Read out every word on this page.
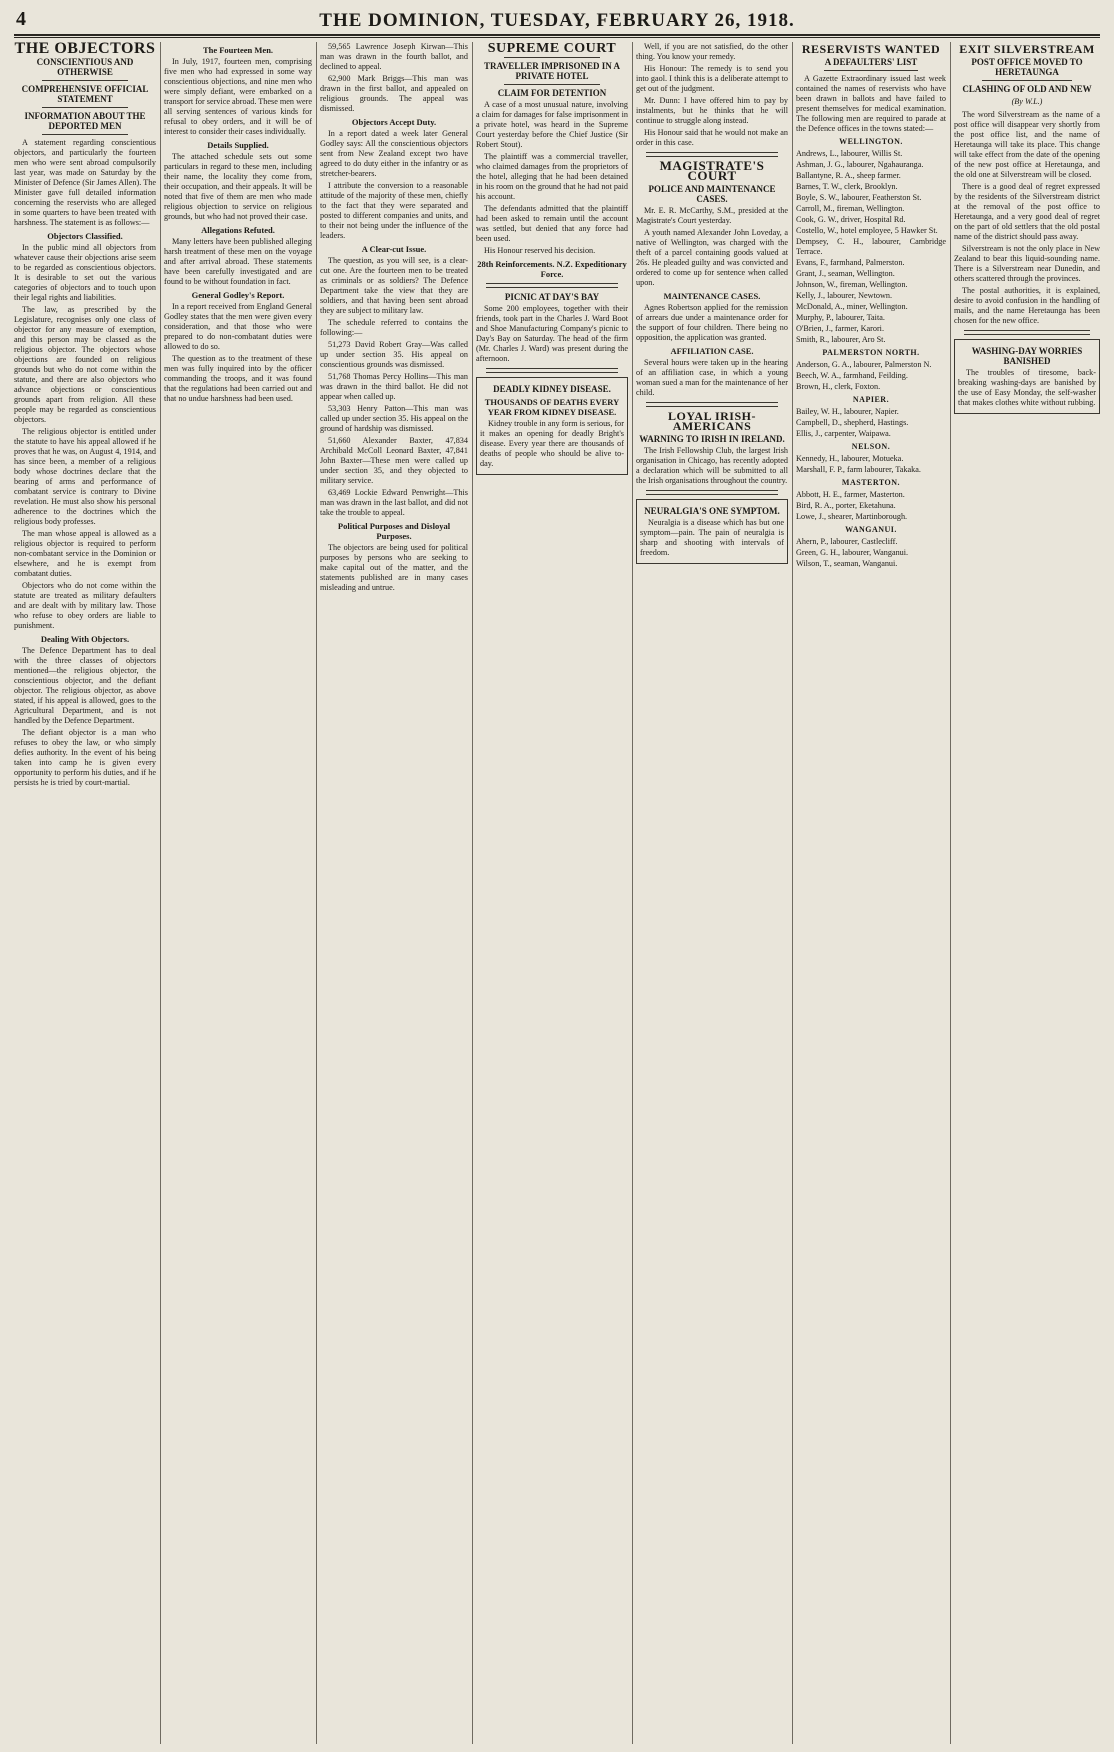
4	THE DOMINION, TUESDAY, FEBRUARY 26, 1918.
THE OBJECTORS
CONSCIENTIOUS AND OTHERWISE
COMPREHENSIVE OFFICIAL STATEMENT
INFORMATION ABOUT THE DEPORTED MEN

A statement regarding conscientious objectors, and particularly the fourteen men who were sent abroad compulsorily last year, was made on Saturday by the Minister of Defence (Sir James Allen). The Minister gave full detailed information concerning the reservists who are alleged in some quarters to have been treated with harshness. The statement is as follows:—

Objectors Classified.

In the public mind all objectors from whatever cause their objections arise seem to be regarded as conscientious objectors. It is desirable to set out the various categories of objectors and to touch upon their legal rights and liabilities.

The law, as prescribed by the Legislature, recognises only one class of objector for any measure of exemption, and this person may be classed as the religious objector. The objectors whose objections are founded on religious grounds but who do not come within the statute, and there are also objectors who advance objections or conscientious grounds apart from religion. All these people may be regarded as conscientious objectors.

The religious objector is entitled under the statute to have his appeal allowed if he proves that he was, on August 4, 1914, and has since been, a member of a religious body whose doctrines declare that the bearing of arms and performance of combatant service is contrary to Divine revelation. He must also show his personal adherence to the doctrines which the religious body professes.

The man whose appeal is allowed as a religious objector is required to perform non-combatant service in the Dominion or elsewhere, and he is exempt from combatant duties.

Objectors who do not come within the statute are treated as military defaulters and are dealt with by military law. Those who refuse to obey orders are liable to punishment.

Dealing With Objectors.

The Defence Department has to deal with the three classes of objectors mentioned—the religious objector, the conscientious objector, and the defiant objector. The religious objector, as above stated, if his appeal is allowed, goes to the Agricultural Department, and is not handled by the Defence Department.

The defiant objector is a man who refuses to obey the law, or who simply defies authority. In the event of his being taken into camp he is given every opportunity to perform his duties, and if he persists he is tried by court-martial.

The Fourteen Men.

In July, 1917, fourteen men, comprising five men who had expressed in some way conscientious objections, and nine men who were simply defiant, were embarked on a transport for service abroad. These men were all serving sentences of various kinds for refusal to obey orders, and it will be of interest to consider their cases individually.

Details Supplied.

The attached schedule sets out some particulars in regard to these men, including their name, the locality they come from, their occupation, and their appeals. It will be noted that five of them are men who made religious objection to service on religious grounds, but who had not proved their case.

Allegations Refuted.

Many letters have been published alleging harsh treatment of these men on the voyage and after arrival abroad. These statements have been carefully investigated and are found to be without foundation in fact.

General Godley's Report.

In a report received from England General Godley states that the men were given every consideration, and that those who were prepared to do non-combatant duties were allowed to do so.

The question as to the treatment of these men was fully inquired into by the officer commanding the troops, and it was found that the regulations had been carried out and that no undue harshness had been used.

59,565 Lawrence Joseph Kirwan—This man was drawn in the fourth ballot, and declined to appeal.

62,900 Mark Briggs—This man was drawn in the first ballot, and appealed on religious grounds. The appeal was dismissed.

Objectors Accept Duty.

In a report dated a week later General Godley says: All the conscientious objectors sent from New Zealand except two have agreed to do duty either in the infantry or as stretcher-bearers.

I attribute the conversion to a reasonable attitude of the majority of these men, chiefly to the fact that they were separated and posted to different companies and units, and to their not being under the influence of the leaders.

A Clear-cut Issue.

The question, as you will see, is a clear-cut one. Are the fourteen men to be treated as criminals or as soldiers? The Defence Department take the view that they are soldiers, and that having been sent abroad they are subject to military law.

The schedule referred to contains the following:—

51,273 David Robert Gray—Was called up under section 35. His appeal on conscientious grounds was dismissed.

51,768 Thomas Percy Hollins—This man was drawn in the third ballot. He did not appear when called up.

53,303 Henry Patton—This man was called up under section 35. His appeal on the ground of hardship was dismissed.

51,660 Alexander Baxter, 47,834 Archibald McColl Leonard Baxter, 47,841 John Baxter—These men were called up under section 35, and they objected to military service.

63,469 Lockie Edward Penwright—This man was drawn in the last ballot, and did not take the trouble to appeal.

Political Purposes and Disloyal Purposes.

The objectors are being used for political purposes by persons who are seeking to make capital out of the matter, and the statements published are in many cases misleading and untrue.

SUPREME COURT
TRAVELLER IMPRISONED IN A PRIVATE HOTEL
CLAIM FOR DETENTION

A case of a most unusual nature, involving a claim for damages for false imprisonment in a private hotel, was heard in the Supreme Court yesterday before the Chief Justice (Sir Robert Stout).

The plaintiff was a commercial traveller, who claimed damages from the proprietors of the hotel, alleging that he had been detained in his room on the ground that he had not paid his account.

The defendants admitted that the plaintiff had been asked to remain until the account was settled, but denied that any force had been used.

His Honour reserved his decision.

28th Reinforcements. N.Z. Expeditionary Force.
PICNIC AT DAY'S BAY

Some 200 employees, together with their friends, took part in the Charles J. Ward Boot and Shoe Manufacturing Company's picnic to Day's Bay on Saturday. The head of the firm (Mr. Charles J. Ward) was present during the afternoon.

DEADLY KIDNEY DISEASE.
THOUSANDS OF DEATHS EVERY YEAR FROM KIDNEY DISEASE.

Kidney trouble in any form is serious, for it makes an opening for deadly Bright's disease. Every year there are thousands of deaths of people who should be alive to-day.

Well, if you are not satisfied, do the other thing. You know your remedy.

His Honour: The remedy is to send you into gaol. I think this is a deliberate attempt to get out of the judgment.

Mr. Dunn: I have offered him to pay by instalments, but he thinks that he will continue to struggle along instead.

His Honour said that he would not make an order in this case.

MAGISTRATE'S COURT
POLICE AND MAINTENANCE CASES.

Mr. E. R. McCarthy, S.M., presided at the Magistrate's Court yesterday.

A youth named Alexander John Loveday, a native of Wellington, was charged with the theft of a parcel containing goods valued at 26s. He pleaded guilty and was convicted and ordered to come up for sentence when called upon.

MAINTENANCE CASES.

Agnes Robertson applied for the remission of arrears due under a maintenance order for the support of four children. There being no opposition, the application was granted.

AFFILIATION CASE.

Several hours were taken up in the hearing of an affiliation case, in which a young woman sued a man for the maintenance of her child.

LOYAL IRISH-AMERICANS
WARNING TO IRISH IN IRELAND.

The Irish Fellowship Club, the largest Irish organisation in Chicago, has recently adopted a declaration which will be submitted to all the Irish organisations throughout the country.

NEURALGIA'S ONE SYMPTOM.

Neuralgia is a disease which has but one symptom—pain. The pain of neuralgia is sharp and shooting with intervals of freedom.

RESERVISTS WANTED
A DEFAULTERS' LIST

A Gazette Extraordinary issued last week contained the names of reservists who have been drawn in ballots and have failed to present themselves for medical examination. The following men are required to parade at the Defence offices in the towns stated:—

WELLINGTON.

Andrews, L., labourer, Willis St.

Ashman, J. G., labourer, Ngahauranga.

Ballantyne, R. A., sheep farmer.

Barnes, T. W., clerk, Brooklyn.

Boyle, S. W., labourer, Featherston St.

Carroll, M., fireman, Wellington.

Cook, G. W., driver, Hospital Rd.

Costello, W., hotel employee, 5 Hawker St.

Dempsey, C. H., labourer, Cambridge Terrace.

Evans, F., farmhand, Palmerston.

Grant, J., seaman, Wellington.

Johnson, W., fireman, Wellington.

Kelly, J., labourer, Newtown.

McDonald, A., miner, Wellington.

Murphy, P., labourer, Taita.

O'Brien, J., farmer, Karori.

Smith, R., labourer, Aro St.

PALMERSTON NORTH.

Anderson, G. A., labourer, Palmerston N.

Beech, W. A., farmhand, Feilding.

Brown, H., clerk, Foxton.

NAPIER.

Bailey, W. H., labourer, Napier.

Campbell, D., shepherd, Hastings.

Ellis, J., carpenter, Waipawa.

NELSON.

Kennedy, H., labourer, Motueka.

Marshall, F. P., farm labourer, Takaka.

MASTERTON.

Abbott, H. E., farmer, Masterton.

Bird, R. A., porter, Eketahuna.

Lowe, J., shearer, Martinborough.

WANGANUI.

Ahern, P., labourer, Castlecliff.

Green, G. H., labourer, Wanganui.

Wilson, T., seaman, Wanganui.

EXIT SILVERSTREAM
POST OFFICE MOVED TO HERETAUNGA
CLASHING OF OLD AND NEW
(By W.L.)

The word Silverstream as the name of a post office will disappear very shortly from the post office list, and the name of Heretaunga will take its place. This change will take effect from the date of the opening of the new post office at Heretaunga, and the old one at Silverstream will be closed.

There is a good deal of regret expressed by the residents of the Silverstream district at the removal of the post office to Heretaunga, and a very good deal of regret on the part of old settlers that the old postal name of the district should pass away.

Silverstream is not the only place in New Zealand to bear this liquid-sounding name. There is a Silverstream near Dunedin, and others scattered through the provinces.

The postal authorities, it is explained, desire to avoid confusion in the handling of mails, and the name Heretaunga has been chosen for the new office.

WASHING-DAY WORRIES BANISHED

The troubles of tiresome, back-breaking washing-days are banished by the use of Easy Monday, the self-washer that makes clothes white without rubbing.
